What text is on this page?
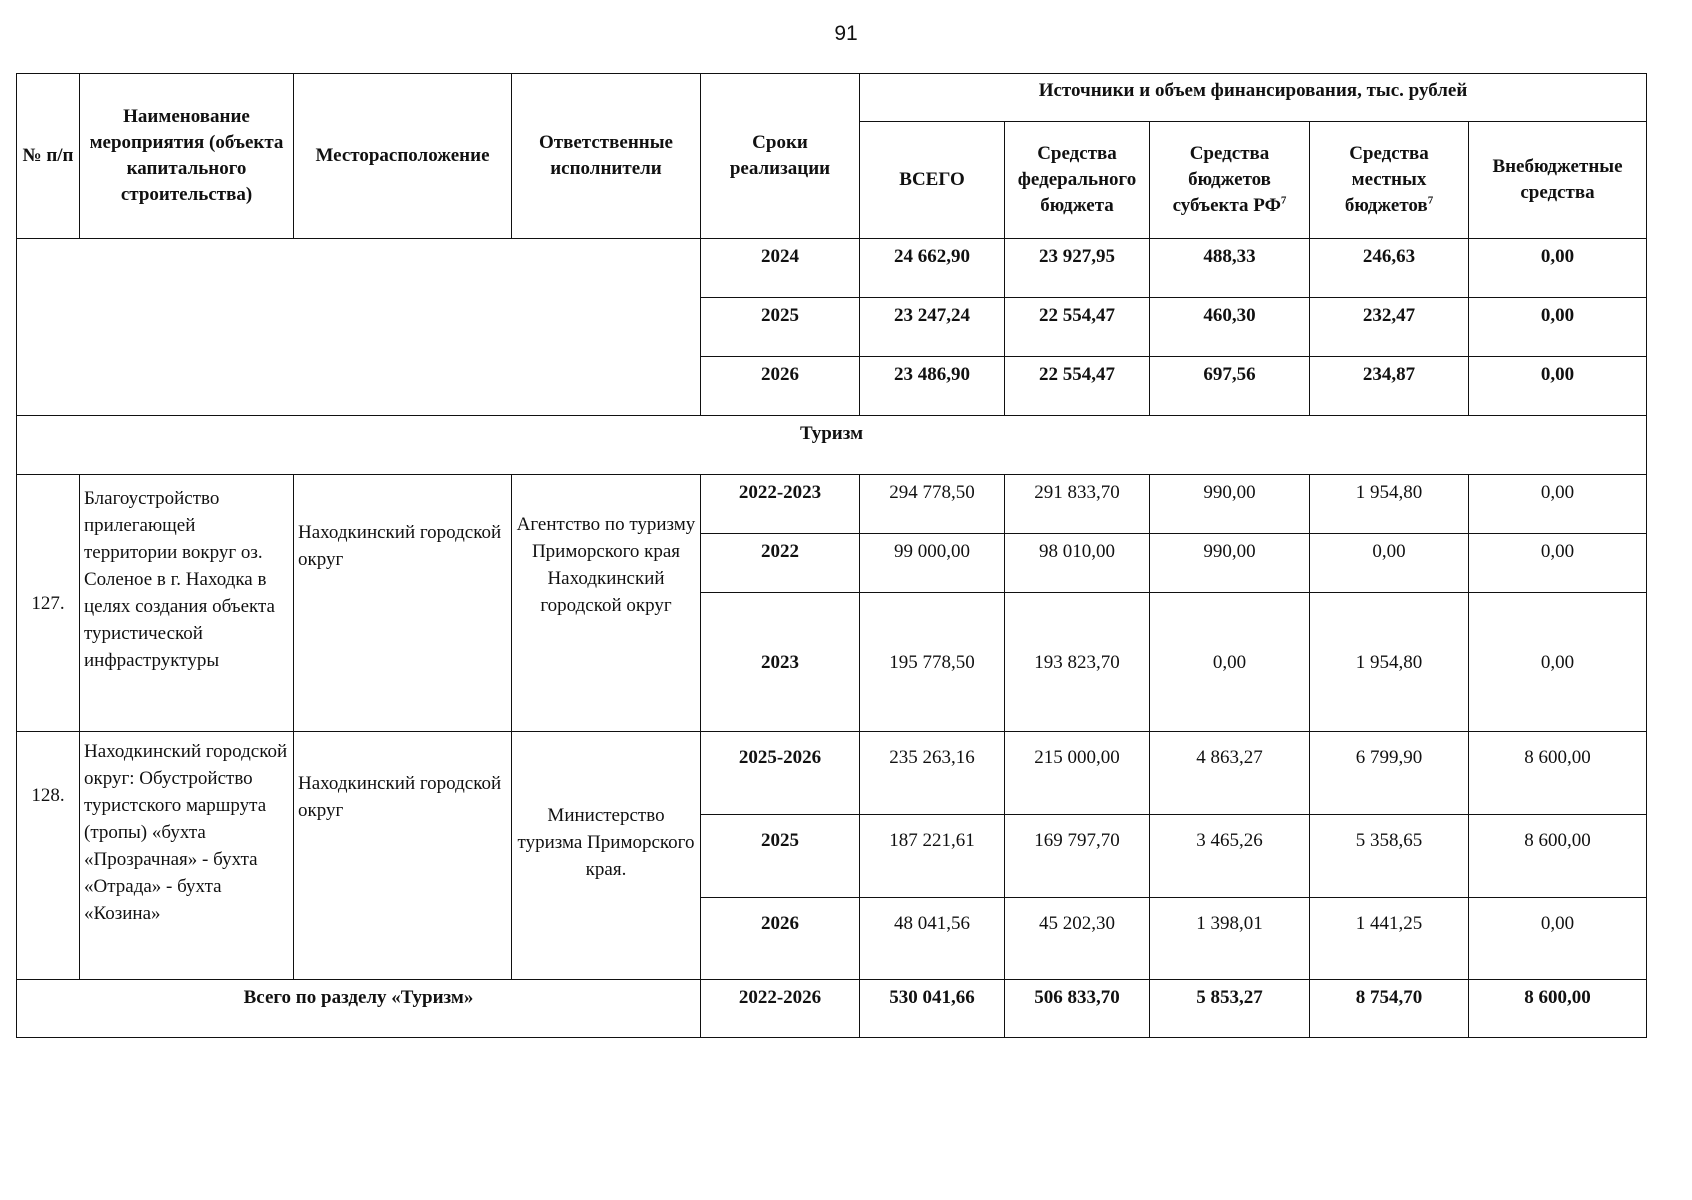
91
№ п/п	Наименование мероприятия (объекта капитального строительства)	Месторасположение	Ответственные исполнители	Сроки реализации	Источники и объем финансирования, тыс. рублей				
					ВСЕГО	Средства федерального бюджета	Средства бюджетов субъекта $РФ^7$	Средства местных бюджетов$^7$	Внебюджетные средства
				2024	24 662,90	23 927,95	488,33	246,63	0,00
				2025	23 247,24	22 554,47	460,30	232,47	0,00
				2026	23 486,90	22 554,47	697,56	234,87	0,00
Туризм									
127.	Благоустройство прилегающей территории вокруг оз. Соленое в г. Находка в целях создания объекта туристической инфраструктуры	Находкинский городской округ	Агентство по туризму Приморского края Находкинский городской округ	2022-2023	294 778,50	291 833,70	990,00	1 954,80	0,00
				2022	99 000,00	98 010,00	990,00	0,00	0,00
				2023	195 778,50	193 823,70	0,00	1 954,80	0,00
128.	Находкинский городской округ: Обустройство туристского маршрута (тропы) «бухта «Прозрачная» - бухта «Отрада» - бухта «Козина»	Находкинский городской округ	Министерство туризма Приморского края.	2025-2026	235 263,16	215 000,00	4 863,27	6 799,90	8 600,00
				2025	187 221,61	169 797,70	3 465,26	5 358,65	8 600,00
				2026	48 041,56	45 202,30	1 398,01	1 441,25	0,00
Всего по разделу «Туризм»				2022-2026	530 041,66	506 833,70	5 853,27	8 754,70	8 600,00
